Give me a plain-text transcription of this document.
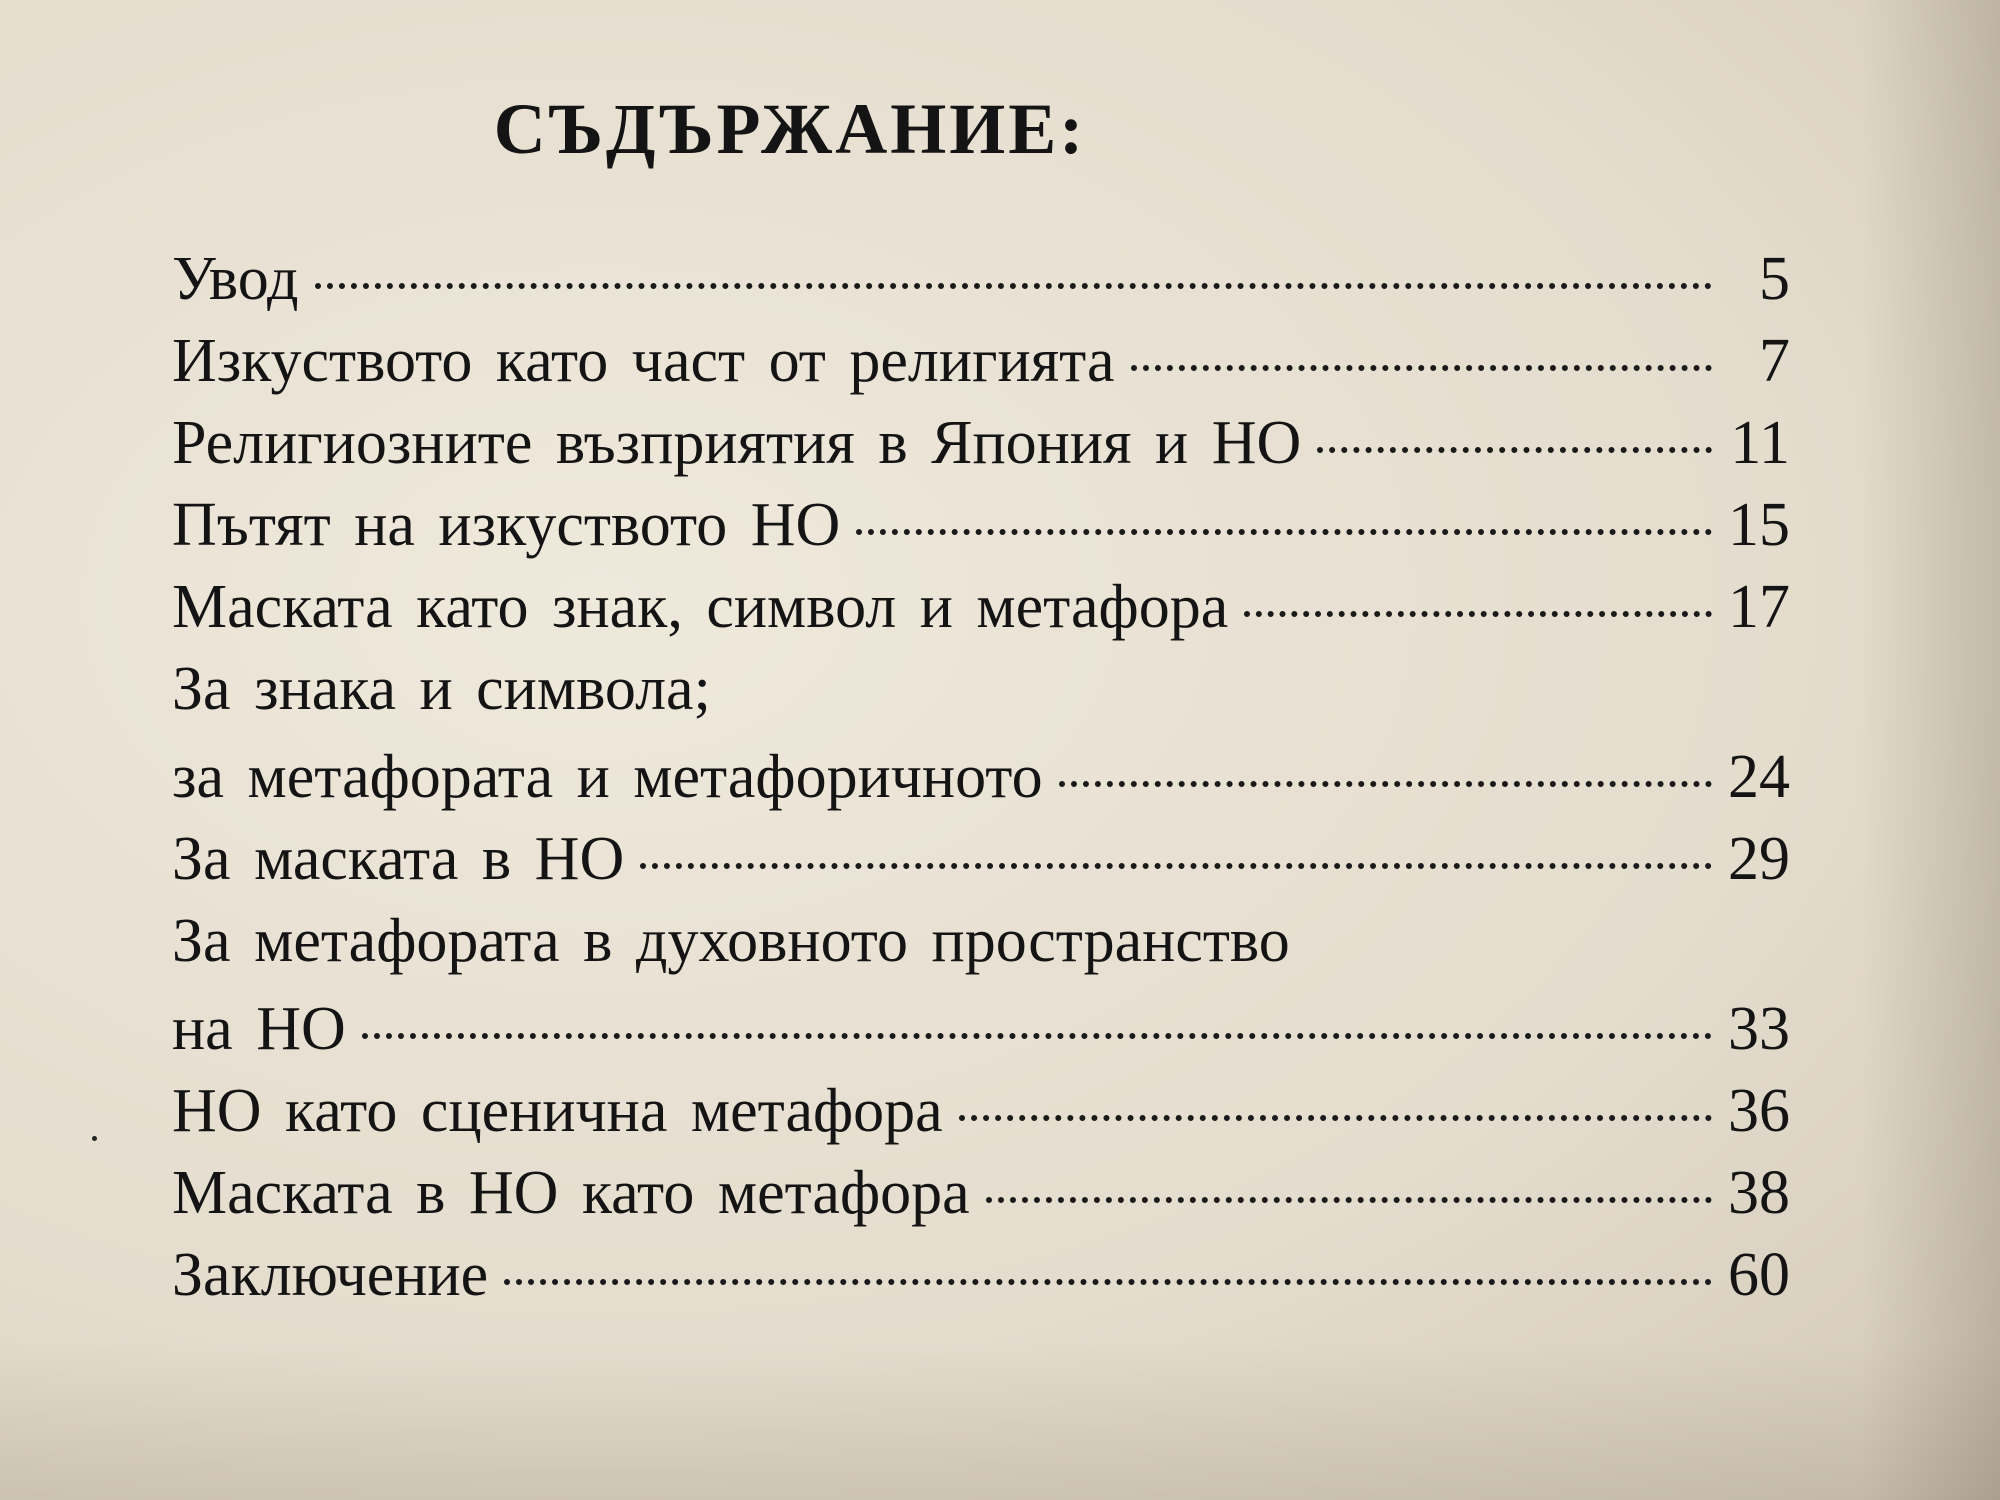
СЪДЪРЖАНИЕ:
Увод	5
Изкуството като част от религията	7
Религиозните възприятия в Япония и НО	11
Пътят на изкуството НО	15
Маската като знак, символ и метафора	17
За знака и символа;
за метафората и метафоричното	24
За маската в НО	29
За метафората в духовното пространство
на НО	33
НО като сценична метафора	36
Маската в НО като метафора	38
Заключение	60
